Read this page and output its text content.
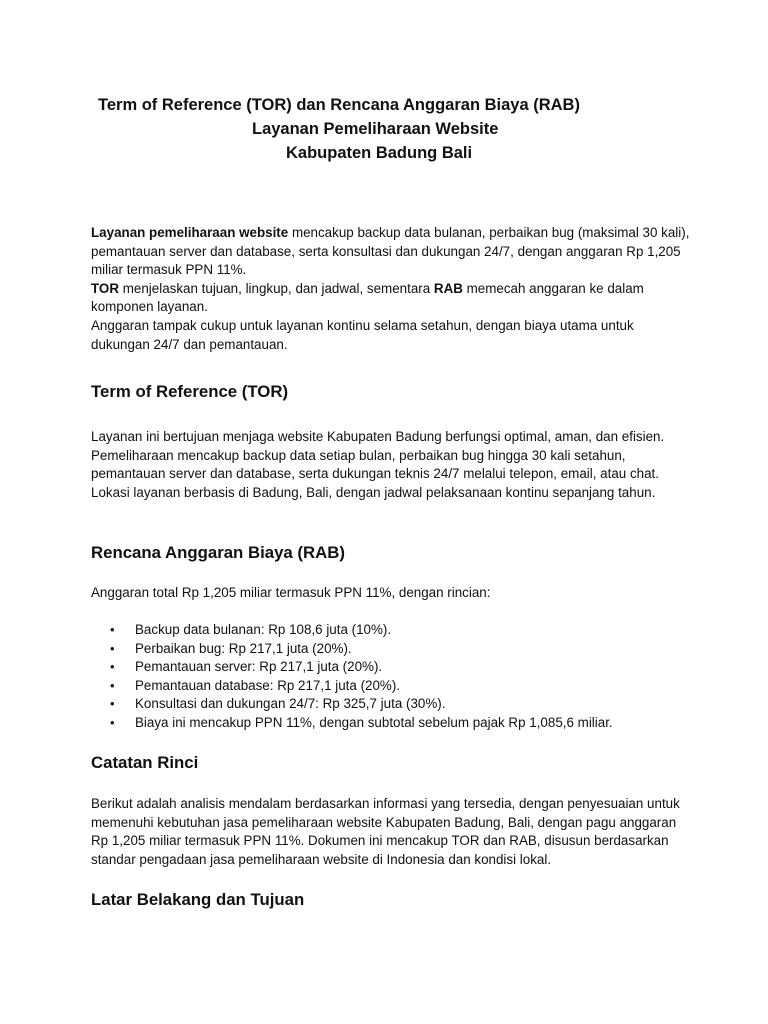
Term of Reference (TOR) dan Rencana Anggaran Biaya (RAB)
Layanan Pemeliharaan Website
Kabupaten Badung Bali

Layanan pemeliharaan website mencakup backup data bulanan, perbaikan bug (maksimal 30 kali), pemantauan server dan database, serta konsultasi dan dukungan 24/7, dengan anggaran Rp 1,205 miliar termasuk PPN 11%.

TOR menjelaskan tujuan, lingkup, dan jadwal, sementara RAB memecah anggaran ke dalam komponen layanan.

Anggaran tampak cukup untuk layanan kontinu selama setahun, dengan biaya utama untuk dukungan 24/7 dan pemantauan.

Term of Reference (TOR)
Layanan ini bertujuan menjaga website Kabupaten Badung berfungsi optimal, aman, dan efisien. Pemeliharaan mencakup backup data setiap bulan, perbaikan bug hingga 30 kali setahun, pemantauan server dan database, serta dukungan teknis 24/7 melalui telepon, email, atau chat. Lokasi layanan berbasis di Badung, Bali, dengan jadwal pelaksanaan kontinu sepanjang tahun.
Rencana Anggaran Biaya (RAB)
Anggaran total Rp 1,205 miliar termasuk PPN 11%, dengan rincian:
• Backup data bulanan: Rp 108,6 juta (10%).
• Perbaikan bug: Rp 217,1 juta (20%).
• Pemantauan server: Rp 217,1 juta (20%).
• Pemantauan database: Rp 217,1 juta (20%).
• Konsultasi dan dukungan 24/7: Rp 325,7 juta (30%).
• Biaya ini mencakup PPN 11%, dengan subtotal sebelum pajak Rp 1,085,6 miliar.
Catatan Rinci
Berikut adalah analisis mendalam berdasarkan informasi yang tersedia, dengan penyesuaian untuk memenuhi kebutuhan jasa pemeliharaan website Kabupaten Badung, Bali, dengan pagu anggaran Rp 1,205 miliar termasuk PPN 11%. Dokumen ini mencakup TOR dan RAB, disusun berdasarkan standar pengadaan jasa pemeliharaan website di Indonesia dan kondisi lokal.
Latar Belakang dan Tujuan
